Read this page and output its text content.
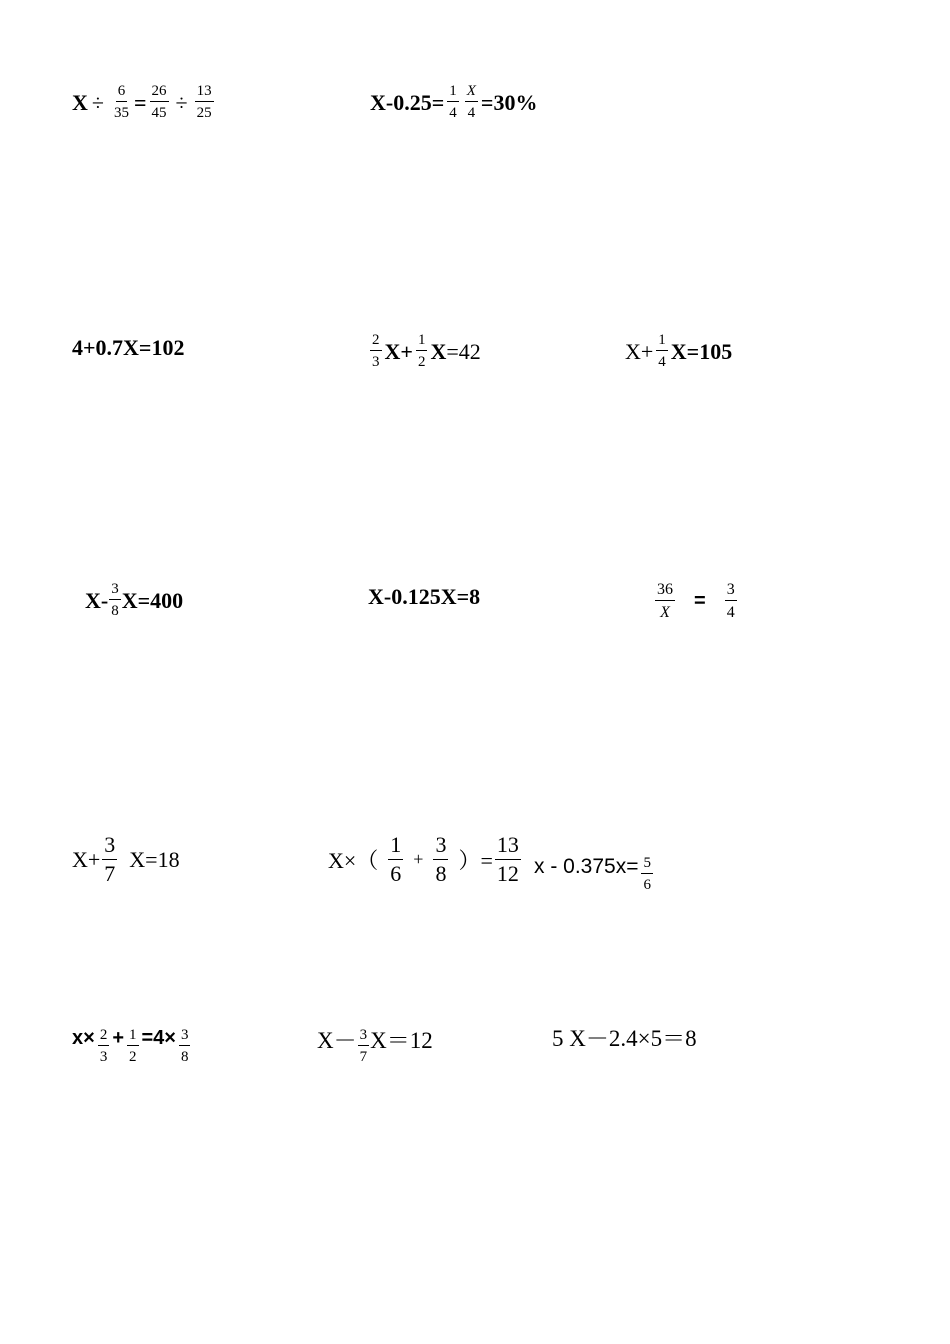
$X \div \frac{6}{35} = \frac{26}{45} \div \frac{13}{25}$	$X-0.25= \frac{1}{4} \frac{X}{4} =30\%$
4+0.7X=102	$\frac{2}{3} X+ \frac{1}{2}$ X =42	$X+ \frac{1}{4} X=105$
$X- \frac{3}{8} X=400$	X-0.125X=8	$\frac{36}{X} = \frac{3}{4}$
$X+ \frac{3}{7} X=18$	$X\times( \frac{1}{6} + \frac{3}{8}$ ）= $\frac{13}{12}$ $x - 0.375x= \frac{5}{6}$
$x\times \frac{2}{3} + \frac{1}{2} =4\times \frac{3}{8}$	$X- \frac{3}{7} X=12$	5 X－2.4×5＝8
